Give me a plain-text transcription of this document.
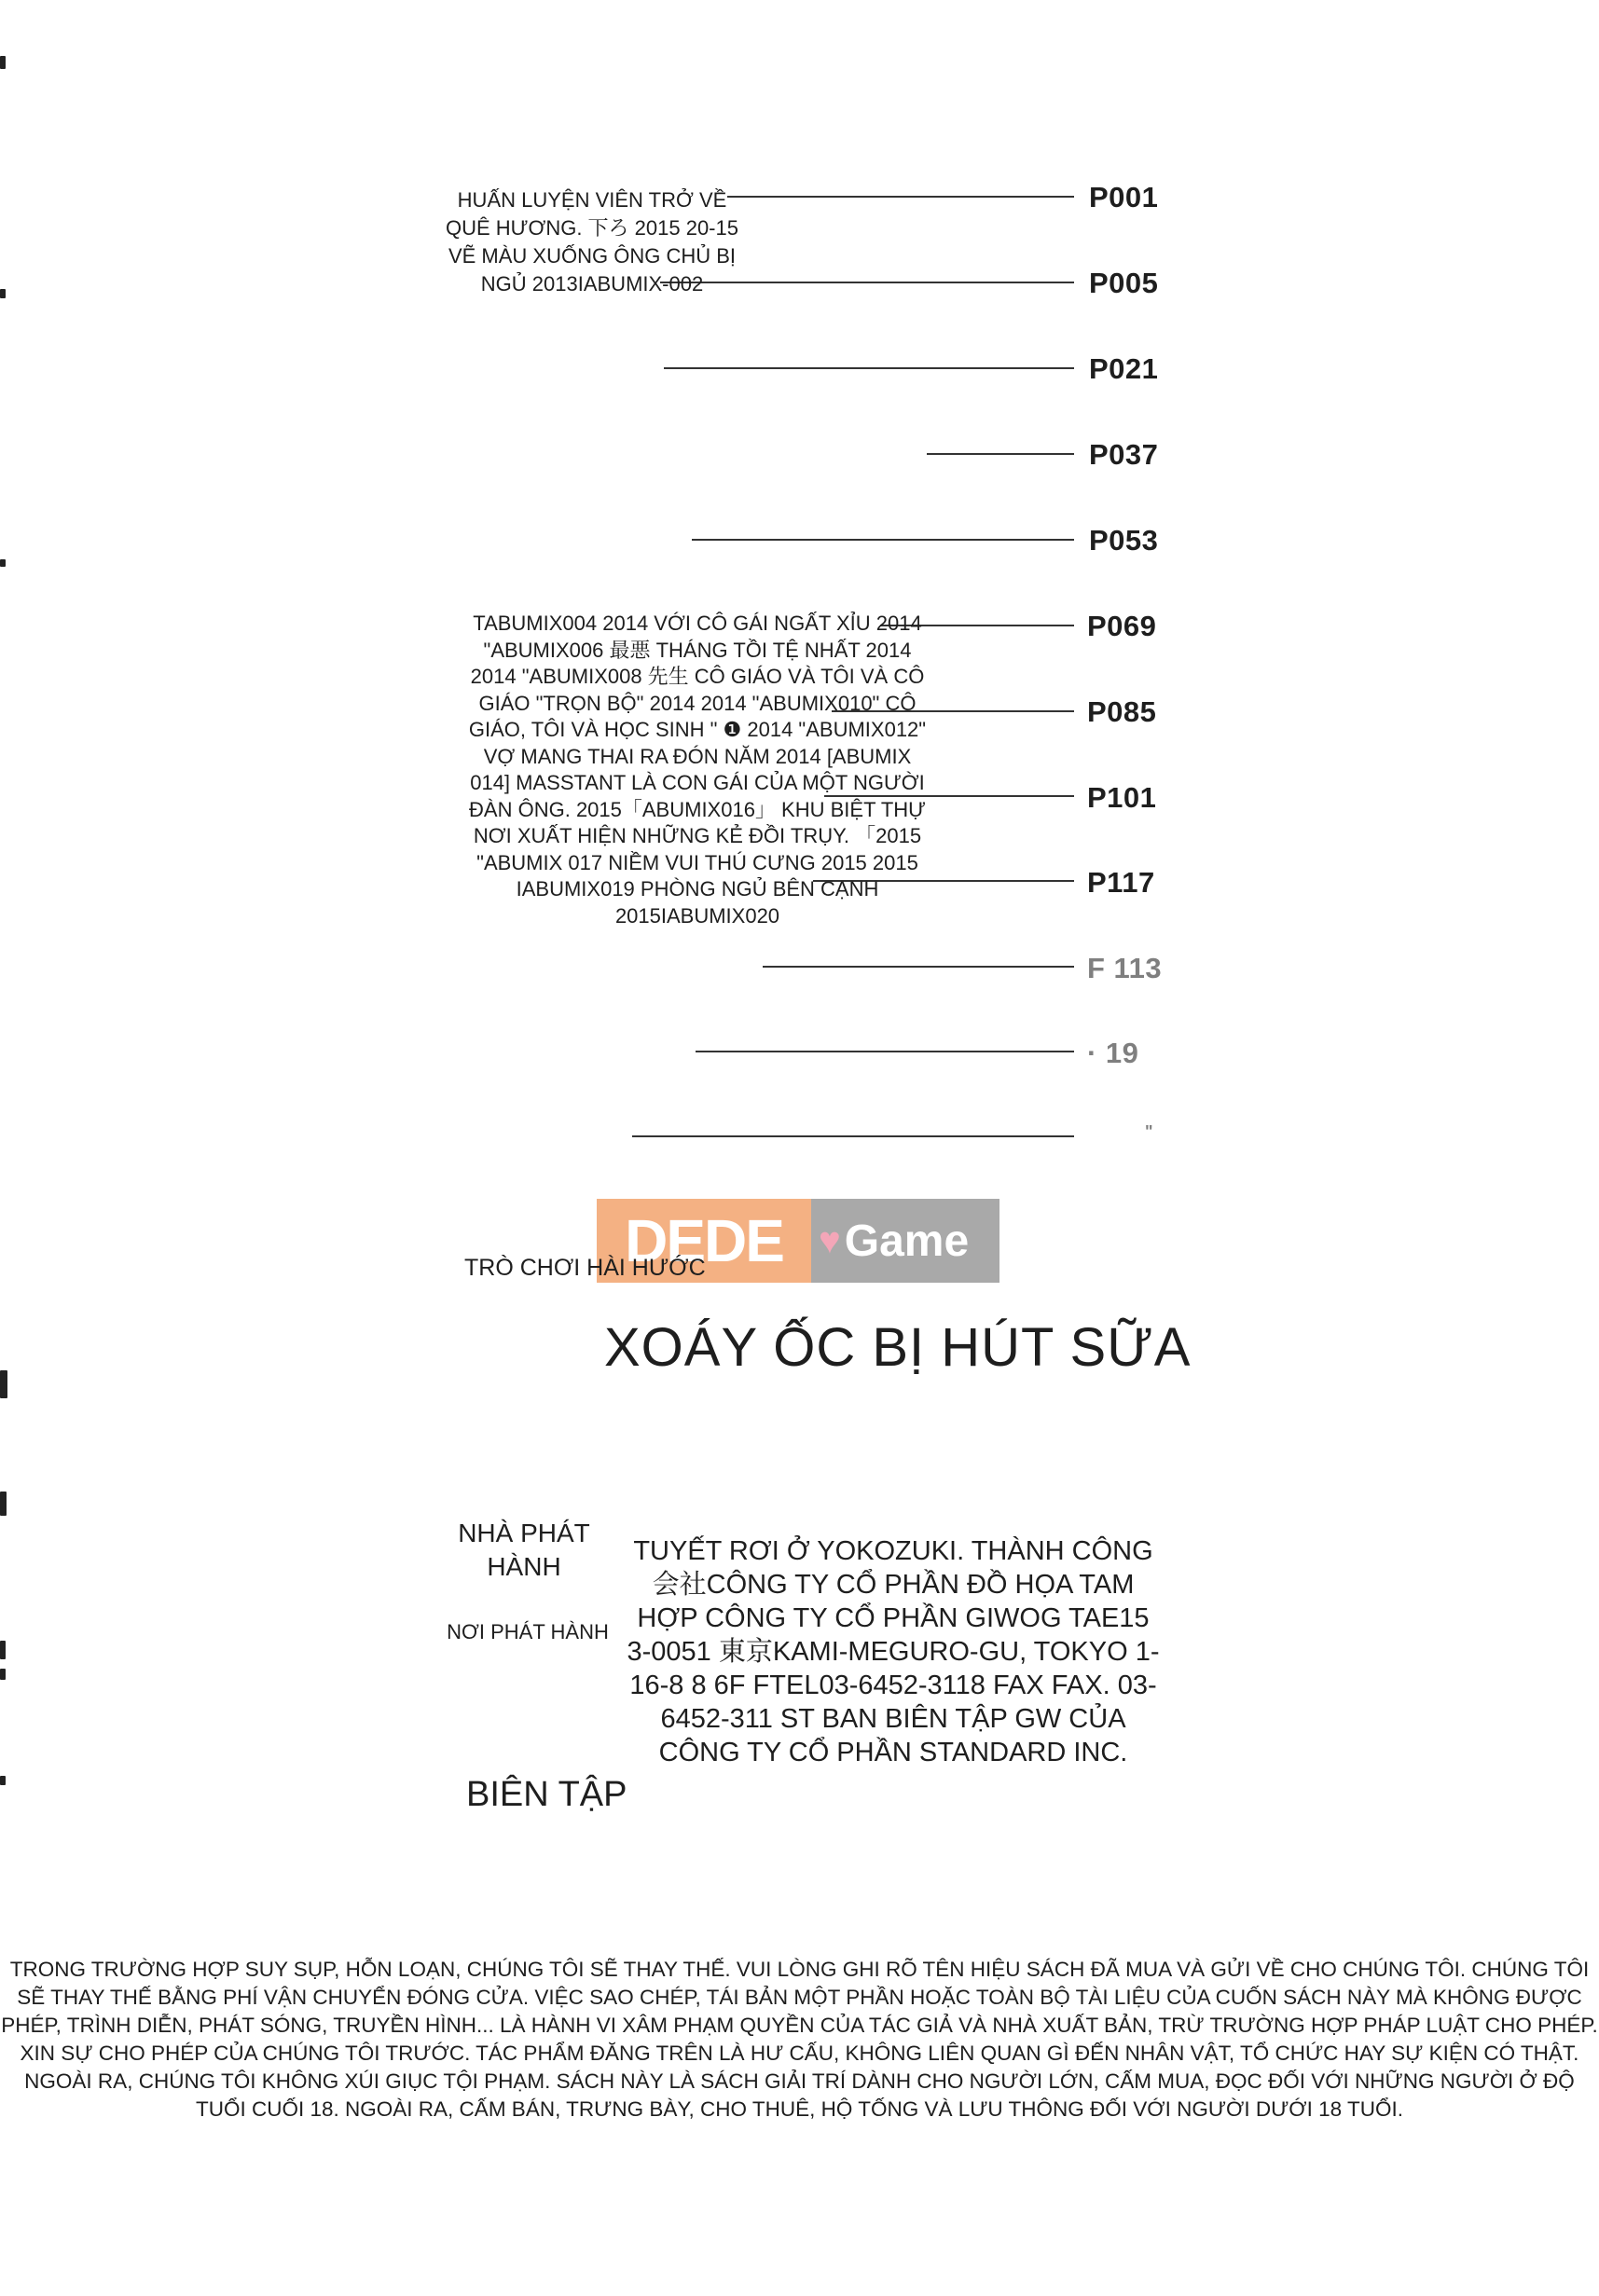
P001
P005
P021
P037
P053
P069
P085
P101
P117
F 113
· 19
"
HUẤN LUYỆN VIÊN TRỞ VỀ QUÊ HƯƠNG. 下ろ 2015 20-15 VẼ MÀU XUỐNG ÔNG CHỦ BỊ NGỦ 2013IABUMIX-002
TABUMIX004 2014 VỚI CÔ GÁI NGẤT XỈU 2014 "ABUMIX006 最悪 THÁNG TỒI TỆ NHẤT 2014 2014 "ABUMIX008 先生 CÔ GIÁO VÀ TÔI VÀ CÔ GIÁO "TRỌN BỘ" 2014 2014 "ABUMIX010" CÔ GIÁO, TÔI VÀ HỌC SINH " ❶ 2014 "ABUMIX012" VỢ MANG THAI RA ĐÓN NĂM 2014 [ABUMIX 014] MASSTANT LÀ CON GÁI CỦA MỘT NGƯỜI ĐÀN ÔNG. 2015「ABUMIX016」 KHU BIỆT THỰ NƠI XUẤT HIỆN NHỮNG KẺ ĐỒI TRỤY. 「2015 "ABUMIX 017 NIỀM VUI THÚ CƯNG 2015 2015 IABUMIX019 PHÒNG NGỦ BÊN CẠNH 2015IABUMIX020
DEDE ♥ Game
TRÒ CHƠI HÀI HƯỚC
XOÁY ỐC BỊ HÚT SỮA
NHÀ PHÁT HÀNH
NƠI PHÁT HÀNH
BIÊN TẬP
TUYẾT RƠI Ở YOKOZUKI. THÀNH CÔNG 会社CÔNG TY CỔ PHẦN ĐỒ HỌA TAM HỢP CÔNG TY CỔ PHẦN GIWOG TAE15 3-0051 東京KAMI-MEGURO-GU, TOKYO 1-16-8 8 6F FTEL03-6452-3118 FAX FAX. 03-6452-311 ST BAN BIÊN TẬP GW CỦA CÔNG TY CỔ PHẦN STANDARD INC.
TRONG TRƯỜNG HỢP SUY SỤP, HỖN LOẠN, CHÚNG TÔI SẼ THAY THẾ. VUI LÒNG GHI RÕ TÊN HIỆU SÁCH ĐÃ MUA VÀ GỬI VỀ CHO CHÚNG TÔI. CHÚNG TÔI SẼ THAY THẾ BẰNG PHÍ VẬN CHUYỂN ĐÓNG CỬA. VIỆC SAO CHÉP, TÁI BẢN MỘT PHẦN HOẶC TOÀN BỘ TÀI LIỆU CỦA CUỐN SÁCH NÀY MÀ KHÔNG ĐƯỢC PHÉP, TRÌNH DIỄN, PHÁT SÓNG, TRUYỀN HÌNH... LÀ HÀNH VI XÂM PHẠM QUYỀN CỦA TÁC GIẢ VÀ NHÀ XUẤT BẢN, TRỪ TRƯỜNG HỢP PHÁP LUẬT CHO PHÉP. XIN SỰ CHO PHÉP CỦA CHÚNG TÔI TRƯỚC. TÁC PHẨM ĐĂNG TRÊN LÀ HƯ CẤU, KHÔNG LIÊN QUAN GÌ ĐẾN NHÂN VẬT, TỔ CHỨC HAY SỰ KIỆN CÓ THẬT. NGOÀI RA, CHÚNG TÔI KHÔNG XÚI GIỤC TỘI PHẠM. SÁCH NÀY LÀ SÁCH GIẢI TRÍ DÀNH CHO NGƯỜI LỚN, CẤM MUA, ĐỌC ĐỐI VỚI NHỮNG NGƯỜI Ở ĐỘ TUỔI CUỐI 18. NGOÀI RA, CẤM BÁN, TRƯNG BÀY, CHO THUÊ, HỘ TỐNG VÀ LƯU THÔNG ĐỐI VỚI NGƯỜI DƯỚI 18 TUỔI.
